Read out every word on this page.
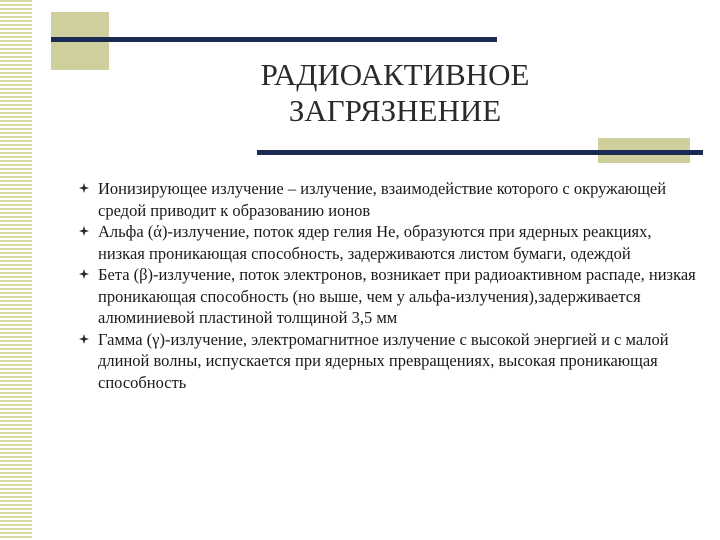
РАДИОАКТИВНОЕ
ЗАГРЯЗНЕНИЕ
Ионизирующее излучение – излучение, взаимодействие которого с окружающей средой приводит к образованию ионов
Альфа (ά)-излучение, поток ядер гелия Не, образуются при ядерных реакциях, низкая проникающая способность, задерживаются листом бумаги, одеждой
Бета (β)-излучение, поток электронов, возникает при радиоактивном распаде, низкая проникающая способность (но выше, чем у альфа-излучения),задерживается алюминиевой пластиной толщиной 3,5 мм
Гамма (γ)-излучение, электромагнитное излучение с высокой энергией и с малой длиной волны, испускается при ядерных превращениях, высокая проникающая способность
